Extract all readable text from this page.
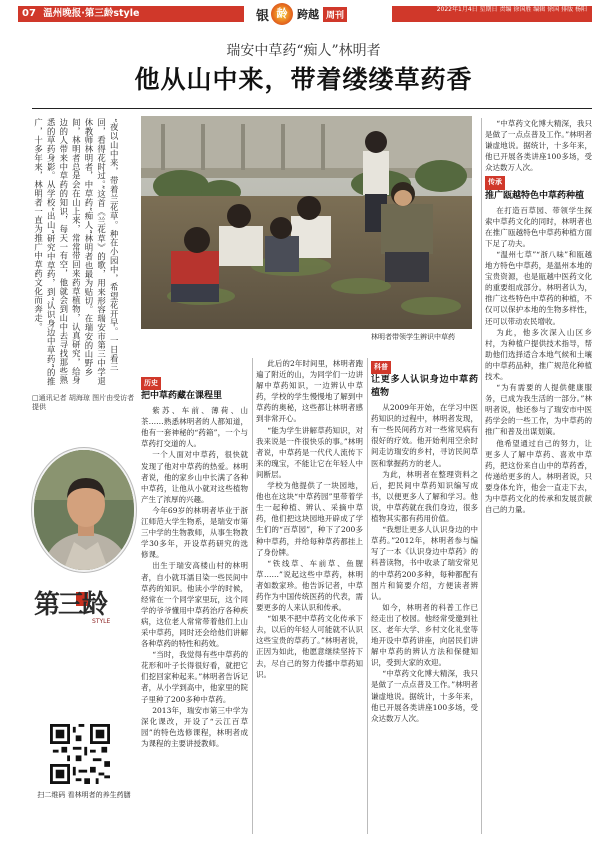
07 温州晚报·第三龄style	银 龄 跨越 周刊
2022年1月4日 星期日 责编 徐国胜 编辑 徐国 排版 杨阳
瑞安中草药“痴人”林明者
他从山中来，带着缕缕草药香
“夜以山中来，带着兰花草。种在小园中，希望花开早。一日看三回，看得花时过。”这首《兰花草》的歌，用来形容瑞安市第三中学退休教师林明者，中草药“痴人”林明者也最为贴切。在瑞安的山野乡间，林明者总是会在山上来，常常带回来药草植物，认真研究，给身边的人带来中草药的知识，每天一有空，他就会到山中去寻找那些熟悉的草药身影。从学校“出山”研究中草药，到“认识身边中草药”的推广，十多年来，林明者一直为推广中草药文化而奔走。
□通讯记者 胡海琼 图片由受访者提供
林明者带领学生辨识中草药
第三龄
STYLE
扫二维码 看林明者的养生药膳
历史
把中草药藏在课程里

紫苏、车前、薄荷、山茶……熟悉林明者的人都知道，他有一套神秘的“药箱”，一个与草药打交道的人。

一个人面对中草药，很快就发现了他对中草药的热爱。林明者说，他的家乡山中长满了各种中草药，让他从小就对这些植物产生了浓厚的兴趣。

今年69岁的林明者毕业于浙江师范大学生物系，是瑞安市第三中学的生物教师，从事生物教学30多年，开设草药研究的选修课。

出生于瑞安高楼山村的林明者，自小就耳濡目染一些民间中草药的知识。他读小学的时候，经常在一个同学家里玩，这个同学的爷爷懂用中草药治疗各种疾病，这位老人常常带着他们上山采中草药，同时还会给他们讲解各种草药的特性和药效。

“当时，我觉得有些中草药的花形和叶子长得很好看，就把它们挖回家种起来。”林明者告诉记者，从小学到高中，他家里的院子里种了200多种中草药。

2013年，瑞安市第三中学为深化课改，开设了“云江百草园”的特色选修课程，林明者成为课程的主要讲授教师。

此后的2年时间里，林明者跑遍了附近的山，为同学们一边讲解中草药知识，一边辨认中草药，学校的学生慢慢地了解到中草药的奥秘，这些都让林明者感到非常开心。

“能为学生讲解草药知识，对我来说是一件很快乐的事。”林明者说，中草药是一代代人流传下来的瑰宝，不能让它在年轻人中间断层。

学校为他提供了一块园地，他也在这块“中草药园”里带着学生一起种植、辨认、采摘中草药，他们把这块园地开辟成了学生们的“百草园”，种下了200多种中草药，并给每种草药都挂上了身份牌。

“铁线草、车前草、鱼腥草……”说起这些中草药，林明者如数家珍。他告诉记者，中草药作为中国传统医药的代表，需要更多的人来认识和传承。

“如果不把中草药文化传承下去，以后的年轻人可能就不认识这些宝贵的草药了。”林明者说，正因为如此，他愿意继续坚持下去，尽自己的努力传播中草药知识。

科普
让更多人认识身边中草药植物

从2009年开始，在学习中医药知识的过程中，林明者发现，有一些民间药方对一些常见病有很好的疗效。他开始利用空余时间走访瑞安的乡村，寻访民间草医和掌握药方的老人。

为此，林明者在整理资料之后，把民间中草药知识编写成书，以便更多人了解和学习。他说，中草药就在我们身边，很多植物其实都有药用价值。

“我想让更多人认识身边的中草药。”2012年，林明者参与编写了一本《认识身边中草药》的科普读物，书中收录了瑞安常见的中草药200多种，每种都配有图片和简要介绍，方便读者辨认。

如今，林明者的科普工作已经走出了校园。他经常受邀到社区、老年大学、乡村文化礼堂等地开设中草药讲座，向居民们讲解中草药的辨认方法和保健知识，受到大家的欢迎。

“中草药文化博大精深，我只是做了一点点普及工作。”林明者谦虚地说。据统计，十多年来，他已开展各类讲座100多场，受众达数万人次。

“中草药文化博大精深，我只是做了一点点普及工作。”林明者谦虚地说。据统计，十多年来，他已开展各类讲座100多场，受众达数万人次。

传承
推广瓯越特色中草药种植

在打造百草园、带领学生探索中草药文化的同时，林明者也在推广瓯越特色中草药种植方面下足了功夫。

“温州七草”“浙八味”和瓯越地方特色中草药，是温州本地的宝贵资源，也是瓯越中医药文化的重要组成部分。林明者认为，推广这些特色中草药的种植，不仅可以保护本地的生物多样性，还可以带动农民增收。

为此，他多次深入山区乡村，为种植户提供技术指导，帮助他们选择适合本地气候和土壤的中草药品种，推广规范化种植技术。

“为有需要的人提供健康服务，已成为我生活的一部分。”林明者说，他还参与了瑞安市中医药学会的一些工作，为中草药的推广和普及出谋划策。

他希望通过自己的努力，让更多人了解中草药、喜欢中草药，把这份来自山中的草药香，传递给更多的人。林明者说，只要身体允许，他会一直走下去，为中草药文化的传承和发展贡献自己的力量。
